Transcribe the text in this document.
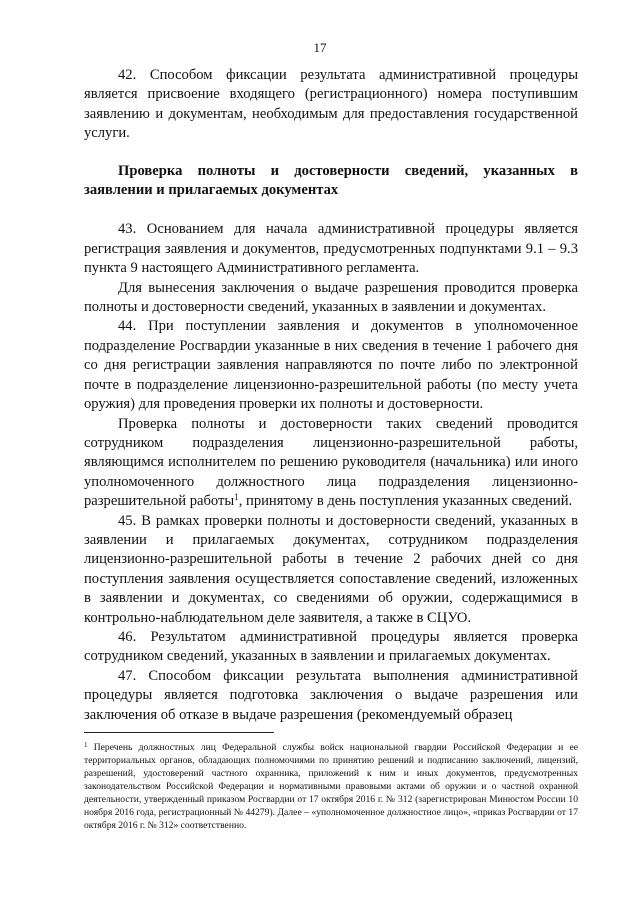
17

42. Способом фиксации результата административной процедуры является присвоение входящего (регистрационного) номера поступившим заявлению и документам, необходимым для предоставления государственной услуги.

Проверка полноты и достоверности сведений, указанных в заявлении и прилагаемых документах

43. Основанием для начала административной процедуры является регистрация заявления и документов, предусмотренных подпунктами 9.1 – 9.3 пункта 9 настоящего Административного регламента.

Для вынесения заключения о выдаче разрешения проводится проверка полноты и достоверности сведений, указанных в заявлении и документах.

44. При поступлении заявления и документов в уполномоченное подразделение Росгвардии указанные в них сведения в течение 1 рабочего дня со дня регистрации заявления направляются по почте либо по электронной почте в подразделение лицензионно-разрешительной работы (по месту учета оружия) для проведения проверки их полноты и достоверности.

Проверка полноты и достоверности таких сведений проводится сотрудником подразделения лицензионно-разрешительной работы, являющимся исполнителем по решению руководителя (начальника) или иного уполномоченного должностного лица подразделения лицензионно-разрешительной работы$^1$, принятому в день поступления указанных сведений.

45. В рамках проверки полноты и достоверности сведений, указанных в заявлении и прилагаемых документах, сотрудником подразделения лицензионно-разрешительной работы в течение 2 рабочих дней со дня поступления заявления осуществляется сопоставление сведений, изложенных в заявлении и документах, со сведениями об оружии, содержащимися в контрольно-наблюдательном деле заявителя, а также в СЦУО.

46. Результатом административной процедуры является проверка сотрудником сведений, указанных в заявлении и прилагаемых документах.

47. Способом фиксации результата выполнения административной процедуры является подготовка заключения о выдаче разрешения или заключения об отказе в выдаче разрешения (рекомендуемый образец

$^1$ Перечень должностных лиц Федеральной службы войск национальной гвардии Российской Федерации и ее территориальных органов, обладающих полномочиями по принятию решений и подписанию заключений, лицензий, разрешений, удостоверений частного охранника, приложений к ним и иных документов, предусмотренных законодательством Российской Федерации и нормативными правовыми актами об оружии и о частной охранной деятельности, утвержденный приказом Росгвардии от 17 октября 2016 г. № 312 (зарегистрирован Минюстом России 10 ноября 2016 года, регистрационный № 44279). Далее – «уполномоченное должностное лицо», «приказ Росгвардии от 17 октября 2016 г. № 312» соответственно.
